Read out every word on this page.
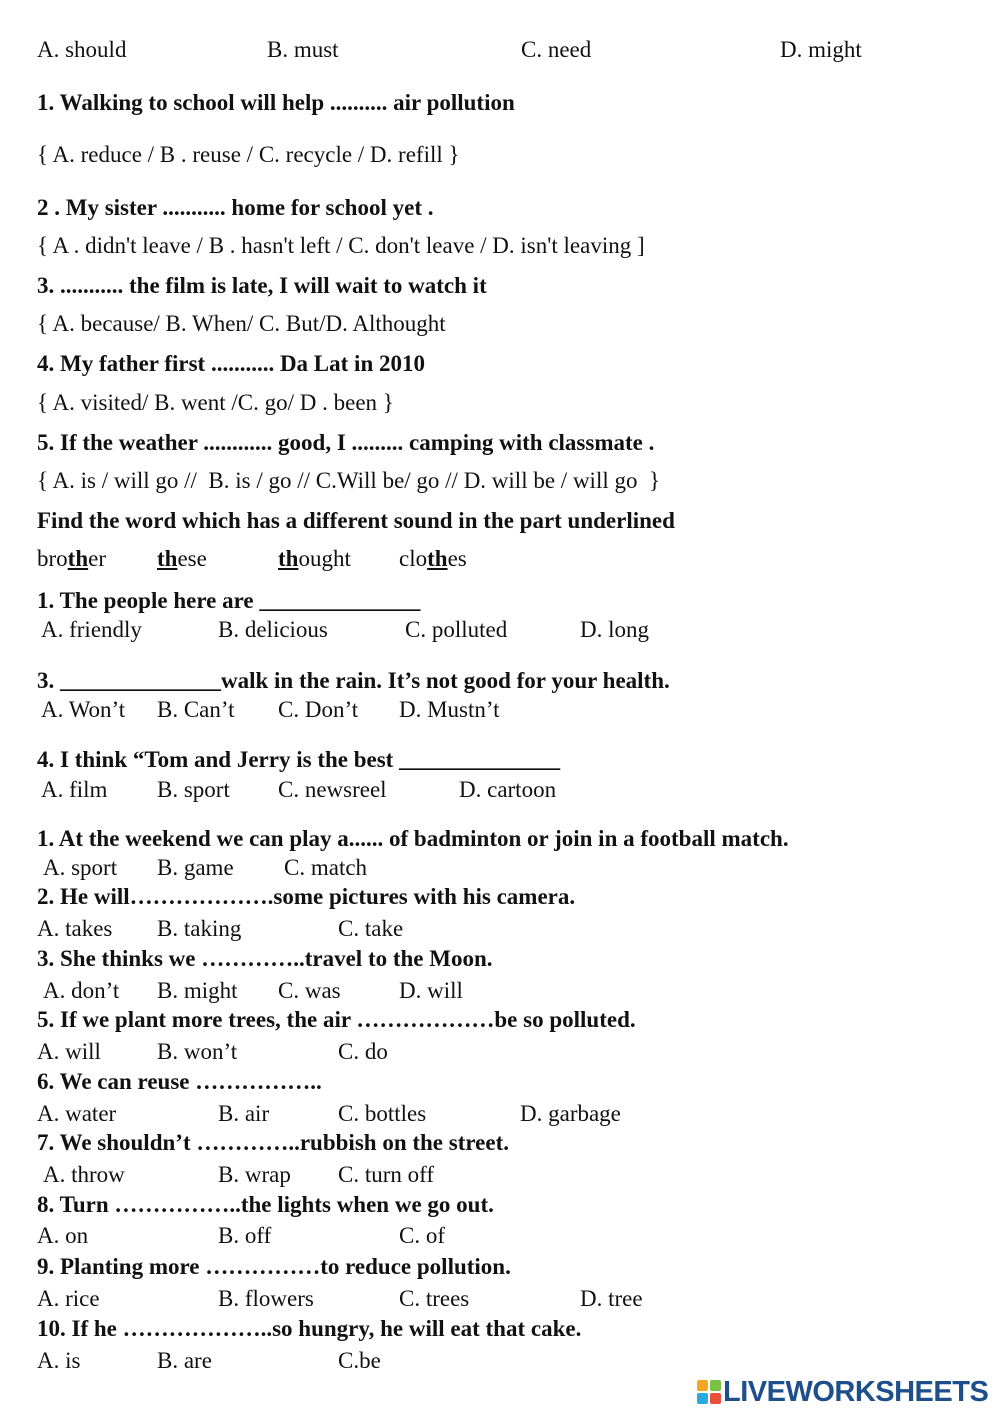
A. should	B. must	C. need	D. might
1. Walking to school will help .......... air pollution
{ A. reduce / B . reuse / C. recycle / D. refill }
2 . My sister ........... home for school yet .
{ A . didn't leave / B . hasn't left / C. don't leave / D. isn't leaving ]
3. ........... the film is late, I will wait to watch it
{ A. because/ B. When/ C. But/D. Althought
4. My father first ........... Da Lat in 2010
{ A. visited/ B. went /C. go/ D . been }
5. If the weather ............ good, I ......... camping with classmate .
{ A. is / will go //  B. is / go // C.Will be/ go // D. will be / will go  }
Find the word which has a different sound in the part underlined
brother these	thought clothes
1. The people here are ______________
A. friendly	B. delicious	C. polluted	D. long
3. ______________walk in the rain. It’s not good for your health.
A. Won’t B. Can’t C. Don’t D. Mustn’t
4. I think “Tom and Jerry is the best ______________
A. film B. sport C. newsreel	D. cartoon
1. At the weekend we can play a...... of badminton or join in a football match.
A. sport B. game C. match
2. He will……………….some pictures with his camera.
A. takes B. taking	C. take
3. She thinks we …………..travel to the Moon.
A. don’t B. might C. was	D. will
5. If we plant more trees, the air ………………be so polluted.
A. will B. won’t	C. do
6. We can reuse ……………..
A. water	B. air	C. bottles	D. garbage
7. We shouldn’t …………..rubbish on the street.
A. throw	B. wrap C. turn off
8. Turn ……………..the lights when we go out.
A. on	B. off	C. of
9. Planting more ……………to reduce pollution.
A. rice	B. flowers	C. trees	D. tree
10. If he ………………..so hungry, he will eat that cake.
A. is	B. are	C.be
LIVEWORKSHEETS
